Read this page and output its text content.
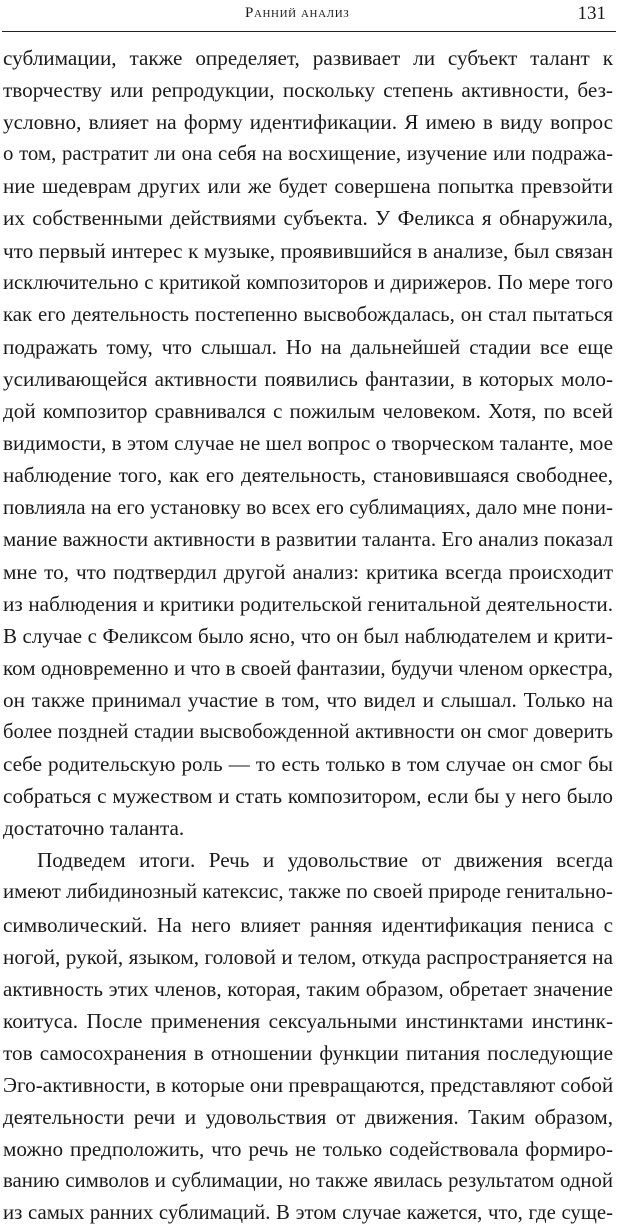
Ранний анализ	131
сублимации, также определяет, развивает ли субъект талант к
творчеству или репродукции, поскольку степень активности, без-
условно, влияет на форму идентификации. Я имею в виду вопрос
о том, растратит ли она себя на восхищение, изучение или подража-
ние шедеврам других или же будет совершена попытка превзойти
их собственными действиями субъекта. У Феликса я обнаружила,
что первый интерес к музыке, проявившийся в анализе, был связан
исключительно с критикой композиторов и дирижеров. По мере того
как его деятельность постепенно высвобождалась, он стал пытаться
подражать тому, что слышал. Но на дальнейшей стадии все еще
усиливающейся активности появились фантазии, в которых моло-
дой композитор сравнивался с пожилым человеком. Хотя, по всей
видимости, в этом случае не шел вопрос о творческом таланте, мое
наблюдение того, как его деятельность, становившаяся свободнее,
повлияла на его установку во всех его сублимациях, дало мне пони-
мание важности активности в развитии таланта. Его анализ показал
мне то, что подтвердил другой анализ: критика всегда происходит
из наблюдения и критики родительской генитальной деятельности.
В случае с Феликсом было ясно, что он был наблюдателем и крити-
ком одновременно и что в своей фантазии, будучи членом оркестра,
он также принимал участие в том, что видел и слышал. Только на
более поздней стадии высвобожденной активности он смог доверить
себе родительскую роль — то есть только в том случае он смог бы
собраться с мужеством и стать композитором, если бы у него было
достаточно таланта.
Подведем итоги. Речь и удовольствие от движения всегда
имеют либидинозный катексис, также по своей природе генитально-
символический. На него влияет ранняя идентификация пениса с
ногой, рукой, языком, головой и телом, откуда распространяется на
активность этих членов, которая, таким образом, обретает значение
коитуса. После применения сексуальными инстинктами инстинк-
тов самосохранения в отношении функции питания последующие
Эго-активности, в которые они превращаются, представляют собой
деятельности речи и удовольствия от движения. Таким образом,
можно предположить, что речь не только содействовала формиро-
ванию символов и сублимации, но также явилась результатом одной
из самых ранних сублимаций. В этом случае кажется, что, где суще-
